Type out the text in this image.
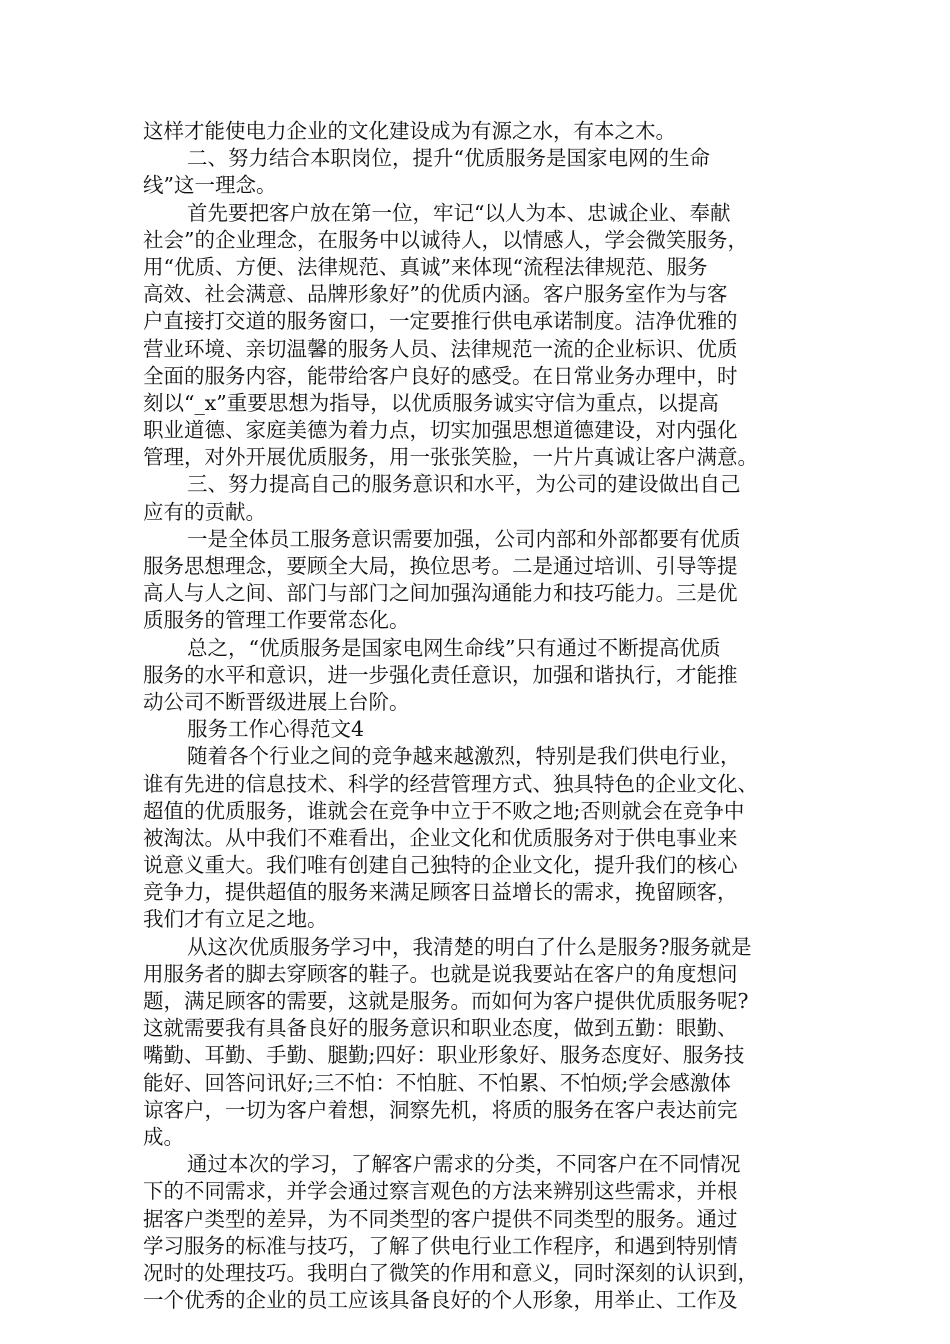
这样才能使电力企业的文化建设成为有源之水，有本之木。
二、努力结合本职岗位，提升“优质服务是国家电网的生命
线”这一理念。
首先要把客户放在第一位，牢记“以人为本、忠诚企业、奉献
社会”的企业理念，在服务中以诚待人，以情感人，学会微笑服务，
用“优质、方便、法律规范、真诚”来体现“流程法律规范、服务
高效、社会满意、品牌形象好”的优质内涵。客户服务室作为与客
户直接打交道的服务窗口，一定要推行供电承诺制度。洁净优雅的
营业环境、亲切温馨的服务人员、法律规范一流的企业标识、优质
全面的服务内容，能带给客户良好的感受。在日常业务办理中，时
刻以“_x”重要思想为指导，以优质服务诚实守信为重点，以提高
职业道德、家庭美德为着力点，切实加强思想道德建设，对内强化
管理，对外开展优质服务，用一张张笑脸，一片片真诚让客户满意。
三、努力提高自己的服务意识和水平，为公司的建设做出自己
应有的贡献。
一是全体员工服务意识需要加强，公司内部和外部都要有优质
服务思想理念，要顾全大局，换位思考。二是通过培训、引导等提
高人与人之间、部门与部门之间加强沟通能力和技巧能力。三是优
质服务的管理工作要常态化。
总之，“优质服务是国家电网生命线”只有通过不断提高优质
服务的水平和意识，进一步强化责任意识，加强和谐执行，才能推
动公司不断晋级进展上台阶。
服务工作心得范文4
随着各个行业之间的竞争越来越激烈，特别是我们供电行业，
谁有先进的信息技术、科学的经营管理方式、独具特色的企业文化、
超值的优质服务，谁就会在竞争中立于不败之地;否则就会在竞争中
被淘汰。从中我们不难看出，企业文化和优质服务对于供电事业来
说意义重大。我们唯有创建自己独特的企业文化，提升我们的核心
竞争力，提供超值的服务来满足顾客日益增长的需求，挽留顾客，
我们才有立足之地。
从这次优质服务学习中，我清楚的明白了什么是服务?服务就是
用服务者的脚去穿顾客的鞋子。也就是说我要站在客户的角度想问
题，满足顾客的需要，这就是服务。而如何为客户提供优质服务呢?
这就需要我有具备良好的服务意识和职业态度，做到五勤：眼勤、
嘴勤、耳勤、手勤、腿勤;四好：职业形象好、服务态度好、服务技
能好、回答问讯好;三不怕：不怕脏、不怕累、不怕烦;学会感激体
谅客户，一切为客户着想，洞察先机，将质的服务在客户表达前完
成。
通过本次的学习，了解客户需求的分类，不同客户在不同情况
下的不同需求，并学会通过察言观色的方法来辨别这些需求，并根
据客户类型的差异，为不同类型的客户提供不同类型的服务。通过
学习服务的标准与技巧，了解了供电行业工作程序，和遇到特别情
况时的处理技巧。我明白了微笑的作用和意义，同时深刻的认识到，
一个优秀的企业的员工应该具备良好的个人形象，用举止、工作及
